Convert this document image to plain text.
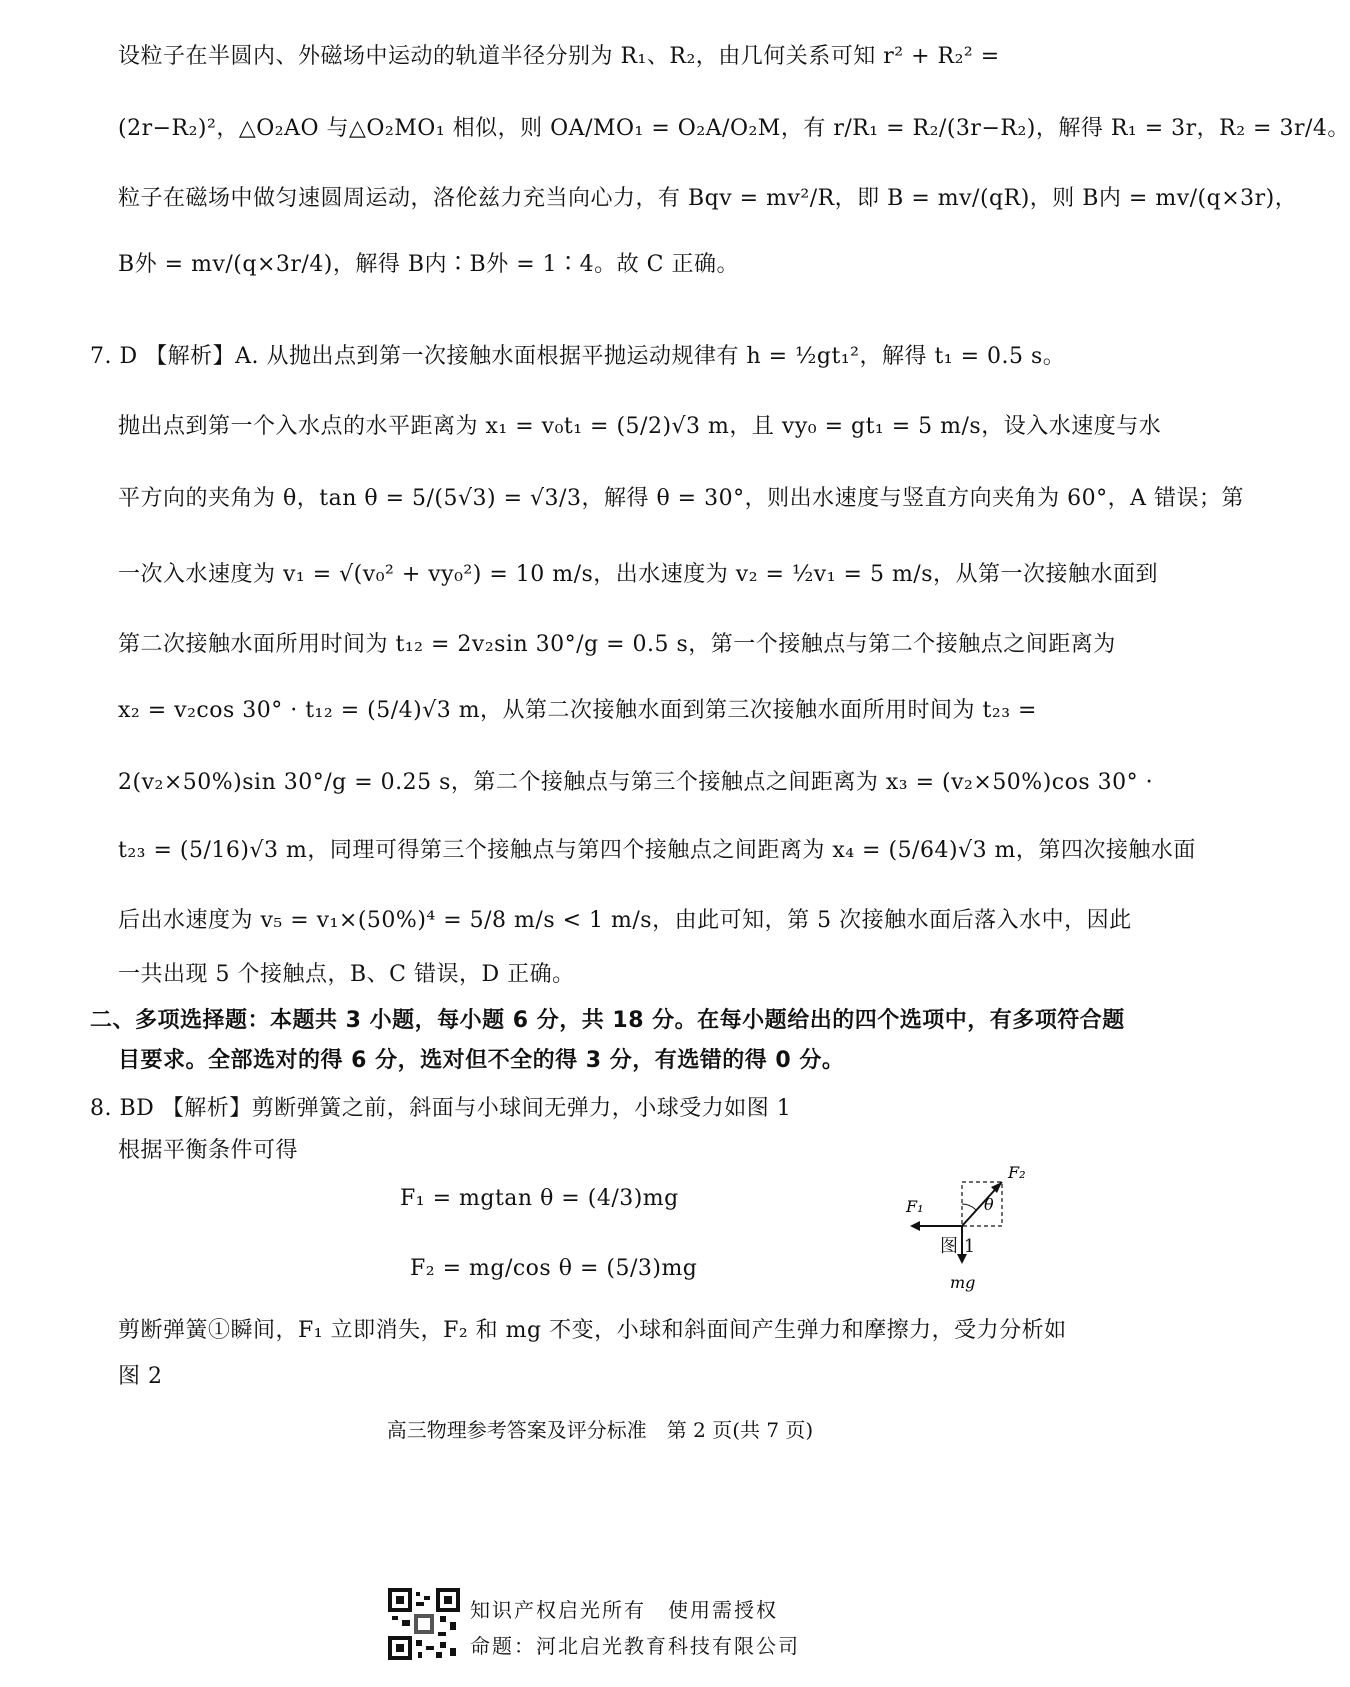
设粒子在半圆内、外磁场中运动的轨道半径分别为 R₁、R₂，由几何关系可知 r² + R₂² =
(2r−R₂)²，△O₂AO 与△O₂MO₁ 相似，则 OA/MO₁ = O₂A/O₂M，有 r/R₁ = R₂/(3r−R₂)，解得 R₁ = 3r，R₂ = 3r/4。
粒子在磁场中做匀速圆周运动，洛伦兹力充当向心力，有 Bqv = mv²/R，即 B = mv/(qR)，则 B内 = mv/(q×3r)，
B外 = mv/(q×3r/4)，解得 B内∶B外 = 1∶4。故 C 正确。
7. D 【解析】A. 从抛出点到第一次接触水面根据平抛运动规律有 h = ½gt₁²，解得 t₁ = 0.5 s。
抛出点到第一个入水点的水平距离为 x₁ = v₀t₁ = (5/2)√3 m，且 vy₀ = gt₁ = 5 m/s，设入水速度与水
平方向的夹角为 θ，tan θ = 5/(5√3) = √3/3，解得 θ = 30°，则出水速度与竖直方向夹角为 60°，A 错误；第
一次入水速度为 v₁ = √(v₀² + vy₀²) = 10 m/s，出水速度为 v₂ = ½v₁ = 5 m/s，从第一次接触水面到
第二次接触水面所用时间为 t₁₂ = 2v₂sin 30°/g = 0.5 s，第一个接触点与第二个接触点之间距离为
x₂ = v₂cos 30° · t₁₂ = (5/4)√3 m，从第二次接触水面到第三次接触水面所用时间为 t₂₃ =
2(v₂×50%)sin 30°/g = 0.25 s，第二个接触点与第三个接触点之间距离为 x₃ = (v₂×50%)cos 30° ·
t₂₃ = (5/16)√3 m，同理可得第三个接触点与第四个接触点之间距离为 x₄ = (5/64)√3 m，第四次接触水面
后出水速度为 v₅ = v₁×(50%)⁴ = 5/8 m/s < 1 m/s，由此可知，第 5 次接触水面后落入水中，因此
一共出现 5 个接触点，B、C 错误，D 正确。
二、多项选择题：本题共 3 小题，每小题 6 分，共 18 分。在每小题给出的四个选项中，有多项符合题
目要求。全部选对的得 6 分，选对但不全的得 3 分，有选错的得 0 分。
8. BD 【解析】剪断弹簧之前，斜面与小球间无弹力，小球受力如图 1
根据平衡条件可得
F₁ = mgtan θ = (4/3)mg
F₂ = mg/cos θ = (5/3)mg
剪断弹簧①瞬间，F₁ 立即消失，F₂ 和 mg 不变，小球和斜面间产生弹力和摩擦力，受力分析如
图 2
F₂
θ
mg
F₁
图 1
高三物理参考答案及评分标准　第 2 页(共 7 页)
知识产权启光所有　使用需授权
命题：河北启光教育科技有限公司
